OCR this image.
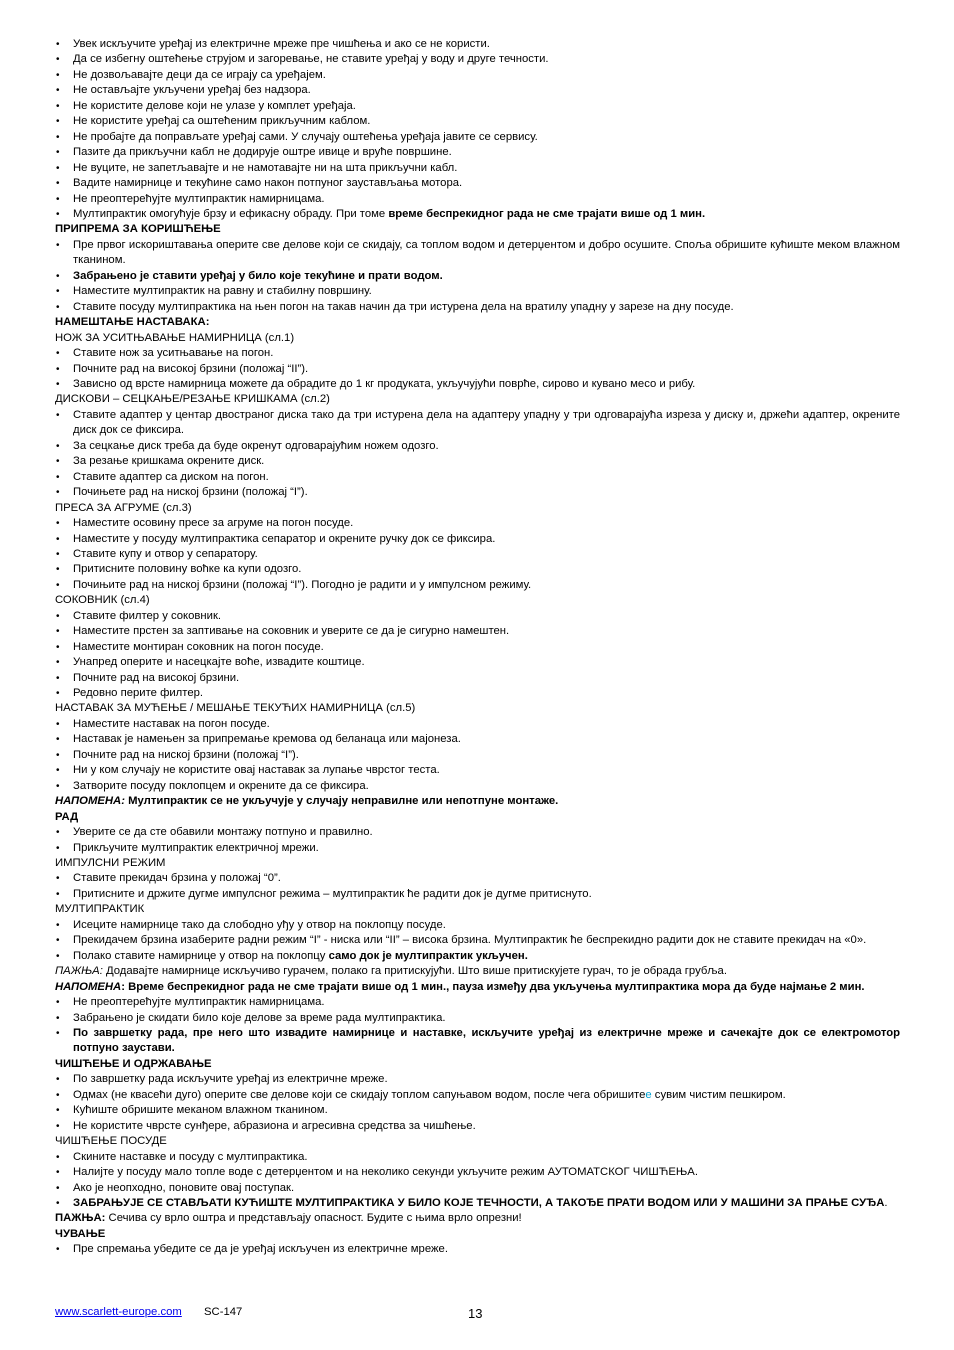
• Увек искључите уређај из електричне мреже пре чишћења и ако се не користи.
• Да се избегну оштећење струјом и загоревање, не ставите уређај у воду и друге течности.
• Не дозвољавајте деци да се играју са уређајем.
• Не остављајте укључени уређај без надзора.
• Не користите делове који не улазе у комплет уређаја.
• Не користите уређај са оштећеним прикључним каблом.
• Не пробајте да поправљате уређај сами. У случају оштећења уређаја јавите се сервису.
• Пазите да прикључни кабл не додирује оштре ивице и вруће површине.
• Не вуците, не запетљавајте и не намотавајте ни на шта прикључни кабл.
• Вадите намирнице и текућине само након потпуног заустављања мотора.
• Не преоптерећујте мултипрактик намирницама.
• Мултипрактик омогућује брзу и ефикасну обраду. При томе време беспрекидног рада не сме трајати више од 1 мин.
ПРИПРЕМА ЗА КОРИШЋЕЊЕ
• Пре првог искориштавања оперите све делове који се скидају, са топлом водом и детерџентом и добро осушите. Споља обришите кућиште меком влажном тканином.
• Забрањено је ставити уређај у било које текућине и прати водом.
• Наместите мултипрактик на равну и стабилну површину.
• Ставите посуду мултипрактика на њен погон на такав начин да три истурена дела на вратилу упадну у зарезе на дну посуде.
НАМЕШТАЊЕ НАСТАВАКА:
НОЖ ЗА УСИТЊАВАЊЕ НАМИРНИЦА (сл.1)
• Ставите нож за уситњавање на погон.
• Почните рад на високој брзини (положај “II”).
• Зависно од врсте намирница можете да обрадите до 1 кг продуката, укључујући поврће, сирово и кувано месо и рибу.
ДИСКОВИ – СЕЦКАЊЕ/РЕЗАЊЕ КРИШКАМА (сл.2)
• Ставите адаптер у центар двостраног диска тако да три истурена дела на адаптеру упадну у три одговарајућа изреза у диску и, држећи адаптер, окрените диск док се фиксира.
• За сецкање диск треба да буде окренут одговарајућим ножем одозго.
• За резање кришкама окрените диск.
• Ставите адаптер са диском на погон.
• Почињете рад на ниској брзини (положај “I”).
ПРЕСА ЗА АГРУМЕ (сл.3)
• Наместите осовину пресе за агруме на погон посуде.
• Наместите у посуду мултипрактика сепаратор и окрените ручку док се фиксира.
• Ставите купу и отвор у сепаратору.
• Притисните половину воћке ка купи одозго.
• Почињите рад на ниској брзини (положај “I”). Погодно је радити и у импулсном режиму.
СОКОВНИК (сл.4)
• Ставите филтер у соковник.
• Наместите прстен за заптивање на соковник и уверите се да је сигурно намештен.
• Наместите монтиран соковник на погон посуде.
• Унапред оперите и насецкајте воће, извадите коштице.
• Почните рад на високој брзини.
• Редовно перите филтер.
НАСТАВАК ЗА МУЋЕЊЕ / МЕШАЊЕ ТЕКУЋИХ НАМИРНИЦА (сл.5)
• Наместите наставак на погон посуде.
• Наставак је намењен за припремање кремова од беланаца или мајонеза.
• Почните рад на ниској брзини (положај “I”).
• Ни у ком случају не користите овај наставак за лупање чврстог теста.
• Затворите посуду поклопцем и окрените да се фиксира.
НАПОМЕНА: Мултипрактик се не укључује у случају неправилне или непотпуне монтаже.
РАД
• Уверите се да сте обавили монтажу потпуно и правилно.
• Прикључите мултипрактик електричној мрежи.
ИМПУЛСНИ РЕЖИМ
• Ставите прекидач брзина у положај “0”.
• Притисните и држите дугме импулсног режима – мултипрактик ће радити док је дугме притиснуто.
МУЛТИПРАКТИК
• Исеците намирнице тако да слободно уђу у отвор на поклопцу посуде.
• Прекидачем брзина изаберите радни режим “I” - ниска или “II” – висока брзина. Мултипрактик ће беспрекидно радити док не ставите прекидач на «0».
• Полако ставите намирнице у отвор на поклопцу само док је мултипрактик укључен.
ПАЖЊА: Додавајте намирнице искључиво гурачем, полако га притискујући. Што више притискујете гурач, то је обрада грубља.
НАПОМЕНА: Време беспрекидног рада не сме трајати више од 1 мин., пауза између два укључења мултипрактика мора да буде најмање 2 мин.
• Не преоптерећујте мултипрактик намирницама.
• Забрањено је скидати било које делове за време рада мултипрактика.
• По завршетку рада, пре него што извадите намирнице и наставке, искључите уређај из електричне мреже и сачекајте док се електромотор потпуно заустави.
ЧИШЋЕЊЕ И ОДРЖАВАЊЕ
• По завршетку рада искључите уређај из електричне мреже.
• Одмах (не квасећи дуго) оперите све делове који се скидају топлом сапуњавом водом, после чега обришитее сувим чистим пешкиром.
• Кућиште обришите меканом влажном тканином.
• Не користите чврсте сунђере, абразиона и агресивна средства за чишћење.
ЧИШЋЕЊЕ ПОСУДЕ
• Скините наставке и посуду с мултипрактика.
• Налијте у посуду мало топле воде с детерџентом и на неколико секунди укључите режим АУТОМАТСКОГ ЧИШЋЕЊА.
• Ако је неопходно, поновите овај поступак.
• ЗАБРАЊУЈЕ СЕ СТАВЉАТИ КУЋИШТЕ МУЛТИПРАКТИКА У БИЛО КОЈЕ ТЕЧНОСТИ, А ТАКОЂЕ ПРАТИ ВОДОМ ИЛИ У МАШИНИ ЗА ПРАЊЕ СУЂА.
ПАЖЊА: Сечива су врло оштра и представљају опасност. Будите с њима врло опрезни!
ЧУВАЊЕ
• Пре спремања убедите се да је уређај искључен из електричне мреже.
www.scarlett-europe.com SC-147	13
